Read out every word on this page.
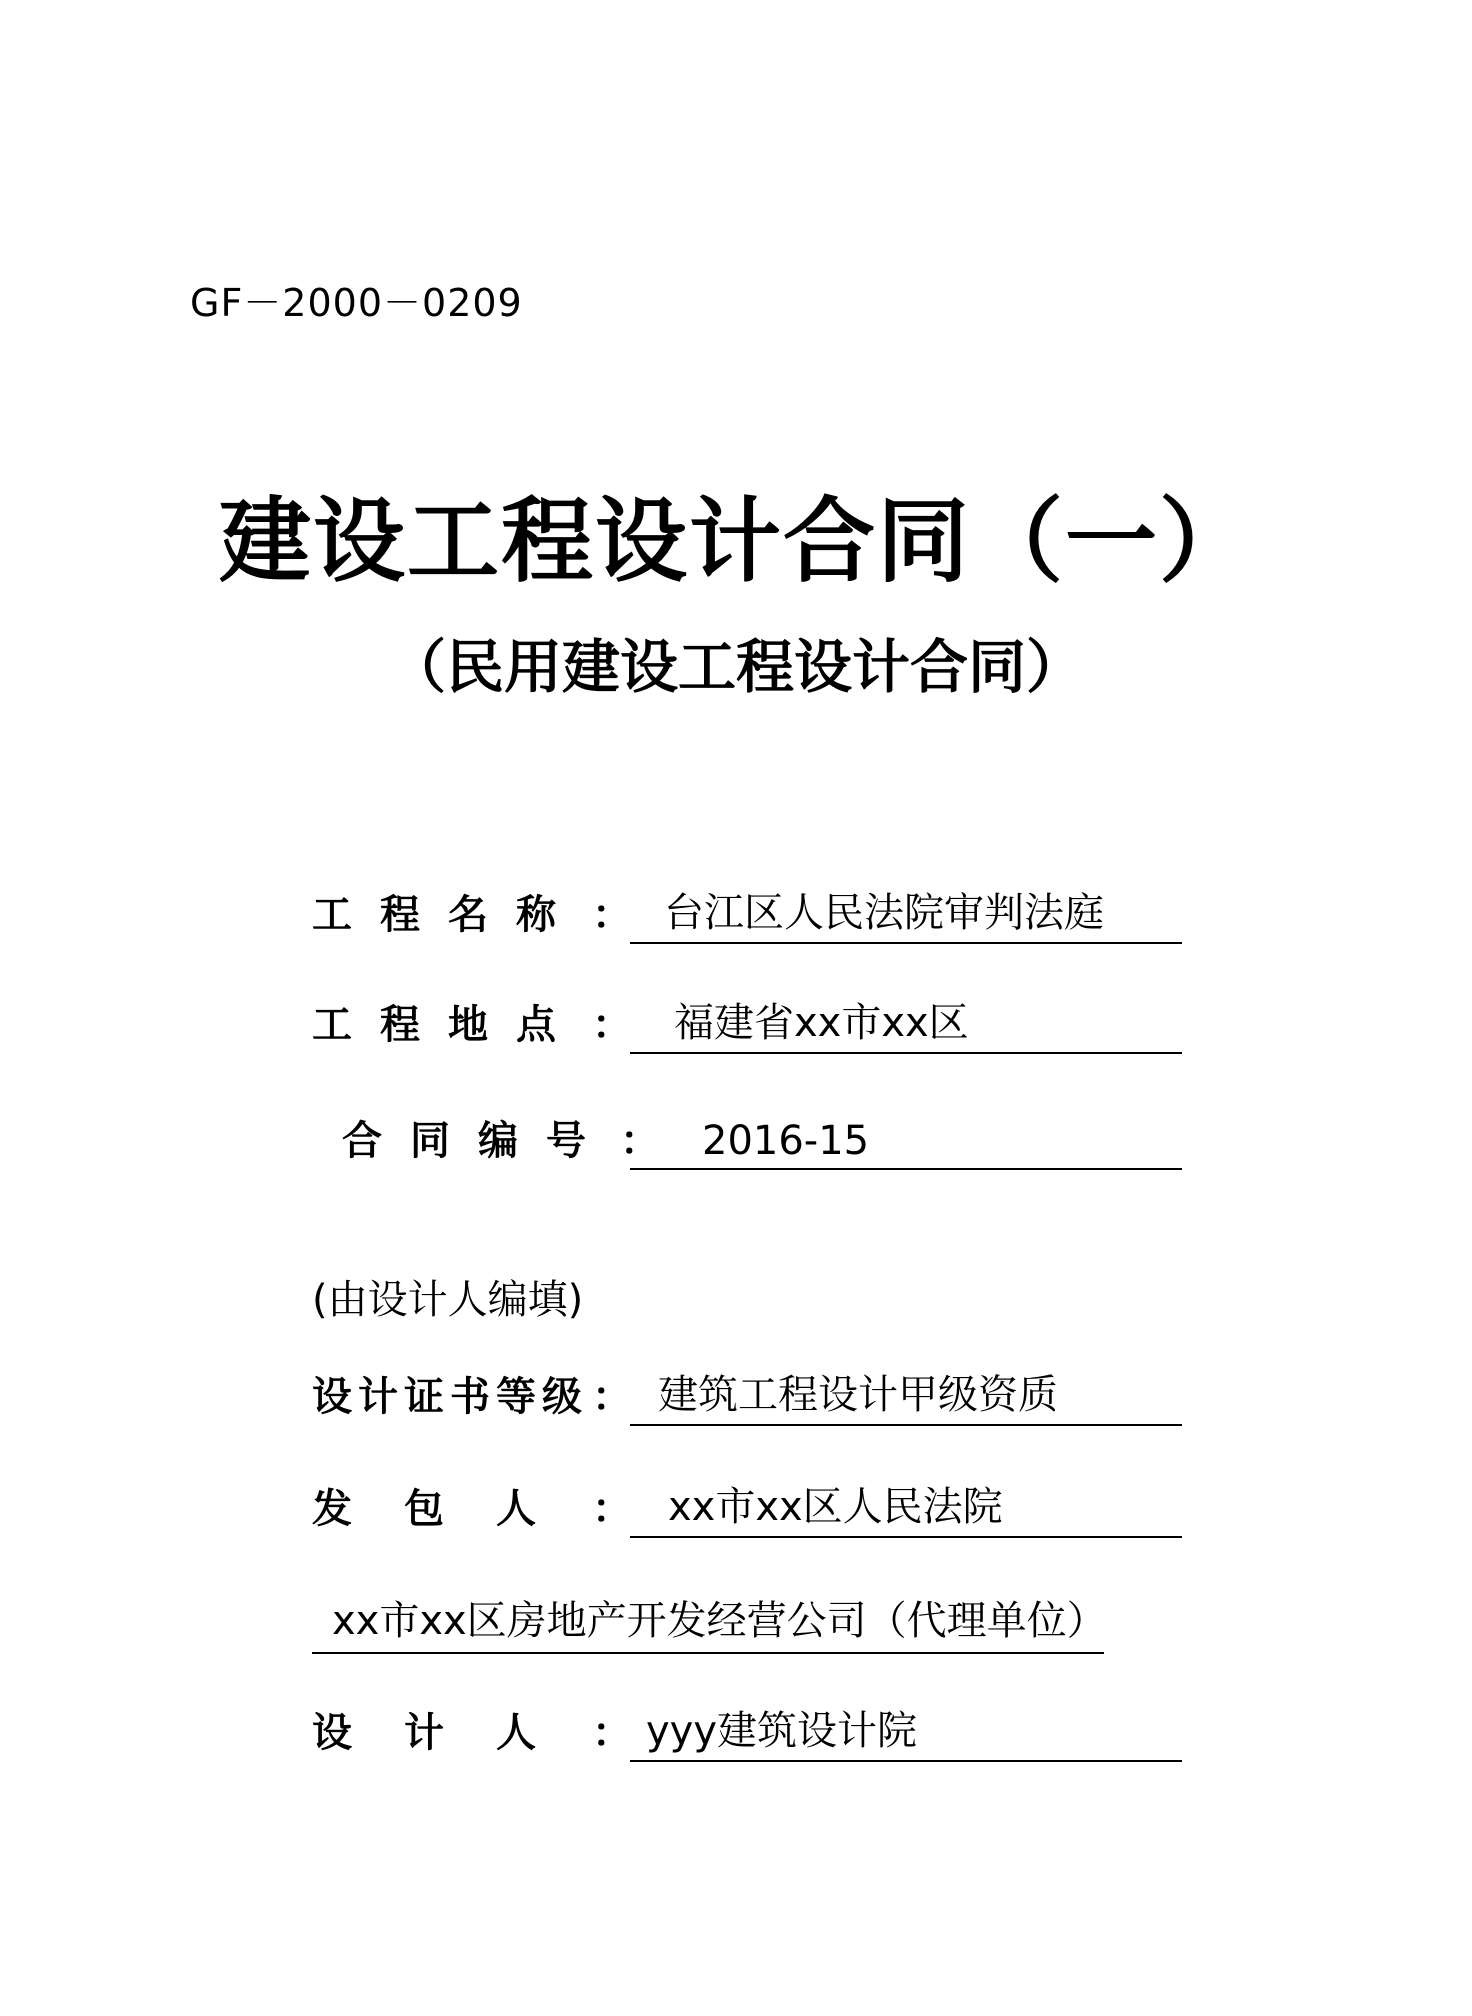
GF－2000－0209
建设工程设计合同（一）
（民用建设工程设计合同）
工程名称 ： 台江区人民法院审判法庭
工程地点 ： 福建省xx市xx区
合同编号 ： 2016-15
(由设计人编填)
设计证书等级 ： 建筑工程设计甲级资质
发包人 ： xx市xx区人民法院
xx市xx区房地产开发经营公司（代理单位）
设计人 ： yyy建筑设计院
